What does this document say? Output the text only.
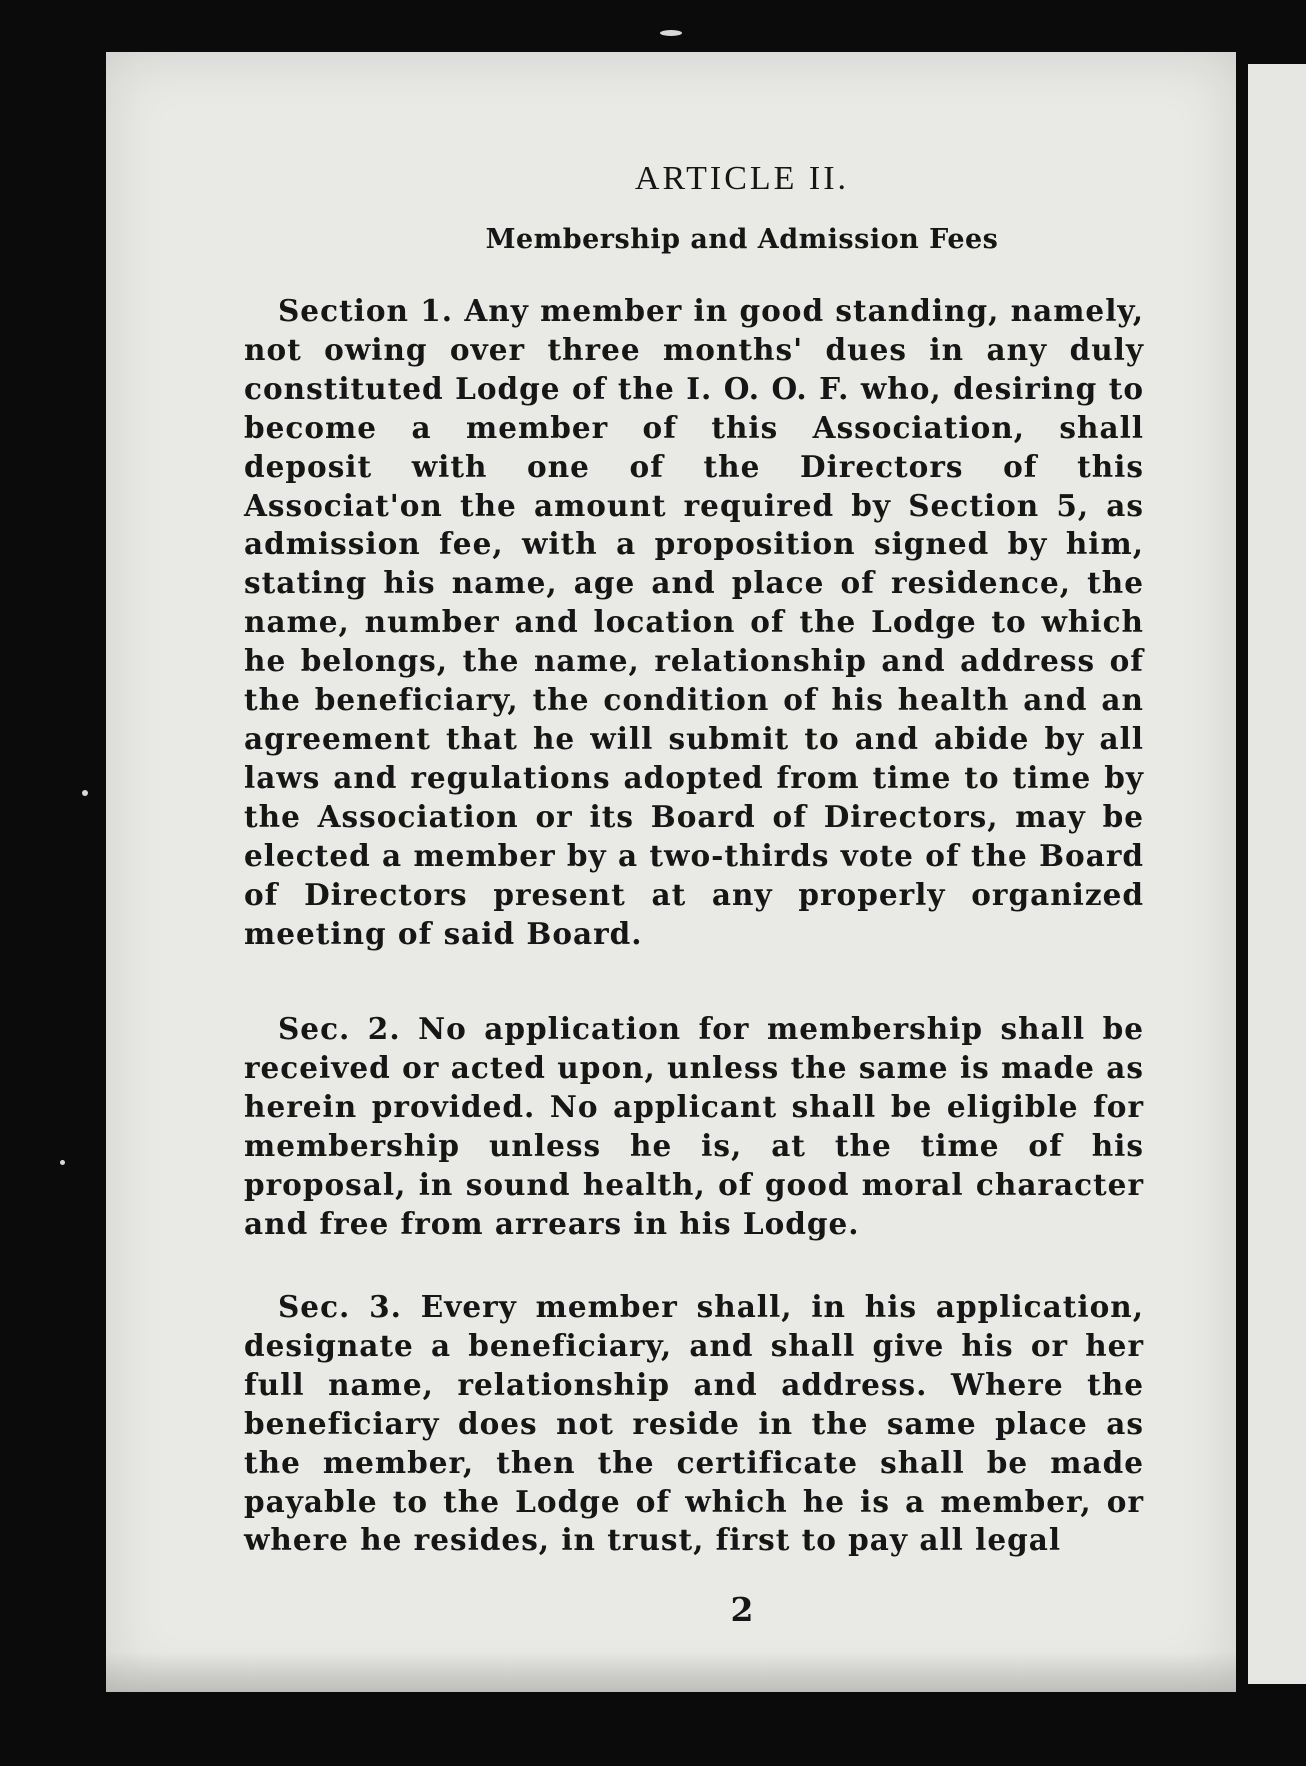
ARTICLE II.
Membership and Admission Fees

Section 1. Any member in good standing, namely, not owing over three months' dues in any duly constituted Lodge of the I. O. O. F. who, desiring to become a member of this Association, shall deposit with one of the Directors of this Associat'on the amount required by Section 5, as admission fee, with a proposition signed by him, stating his name, age and place of residence, the name, number and location of the Lodge to which he belongs, the name, relationship and address of the beneficiary, the condition of his health and an agreement that he will submit to and abide by all laws and regulations adopted from time to time by the Association or its Board of Directors, may be elected a member by a two-thirds vote of the Board of Directors present at any properly organized meeting of said Board.

Sec. 2. No application for membership shall be received or acted upon, unless the same is made as herein provided. No applicant shall be eligible for membership unless he is, at the time of his proposal, in sound health, of good moral character and free from arrears in his Lodge.

Sec. 3. Every member shall, in his application, designate a beneficiary, and shall give his or her full name, relationship and address. Where the beneficiary does not reside in the same place as the member, then the certificate shall be made payable to the Lodge of which he is a member, or where he resides, in trust, first to pay all legal

2
